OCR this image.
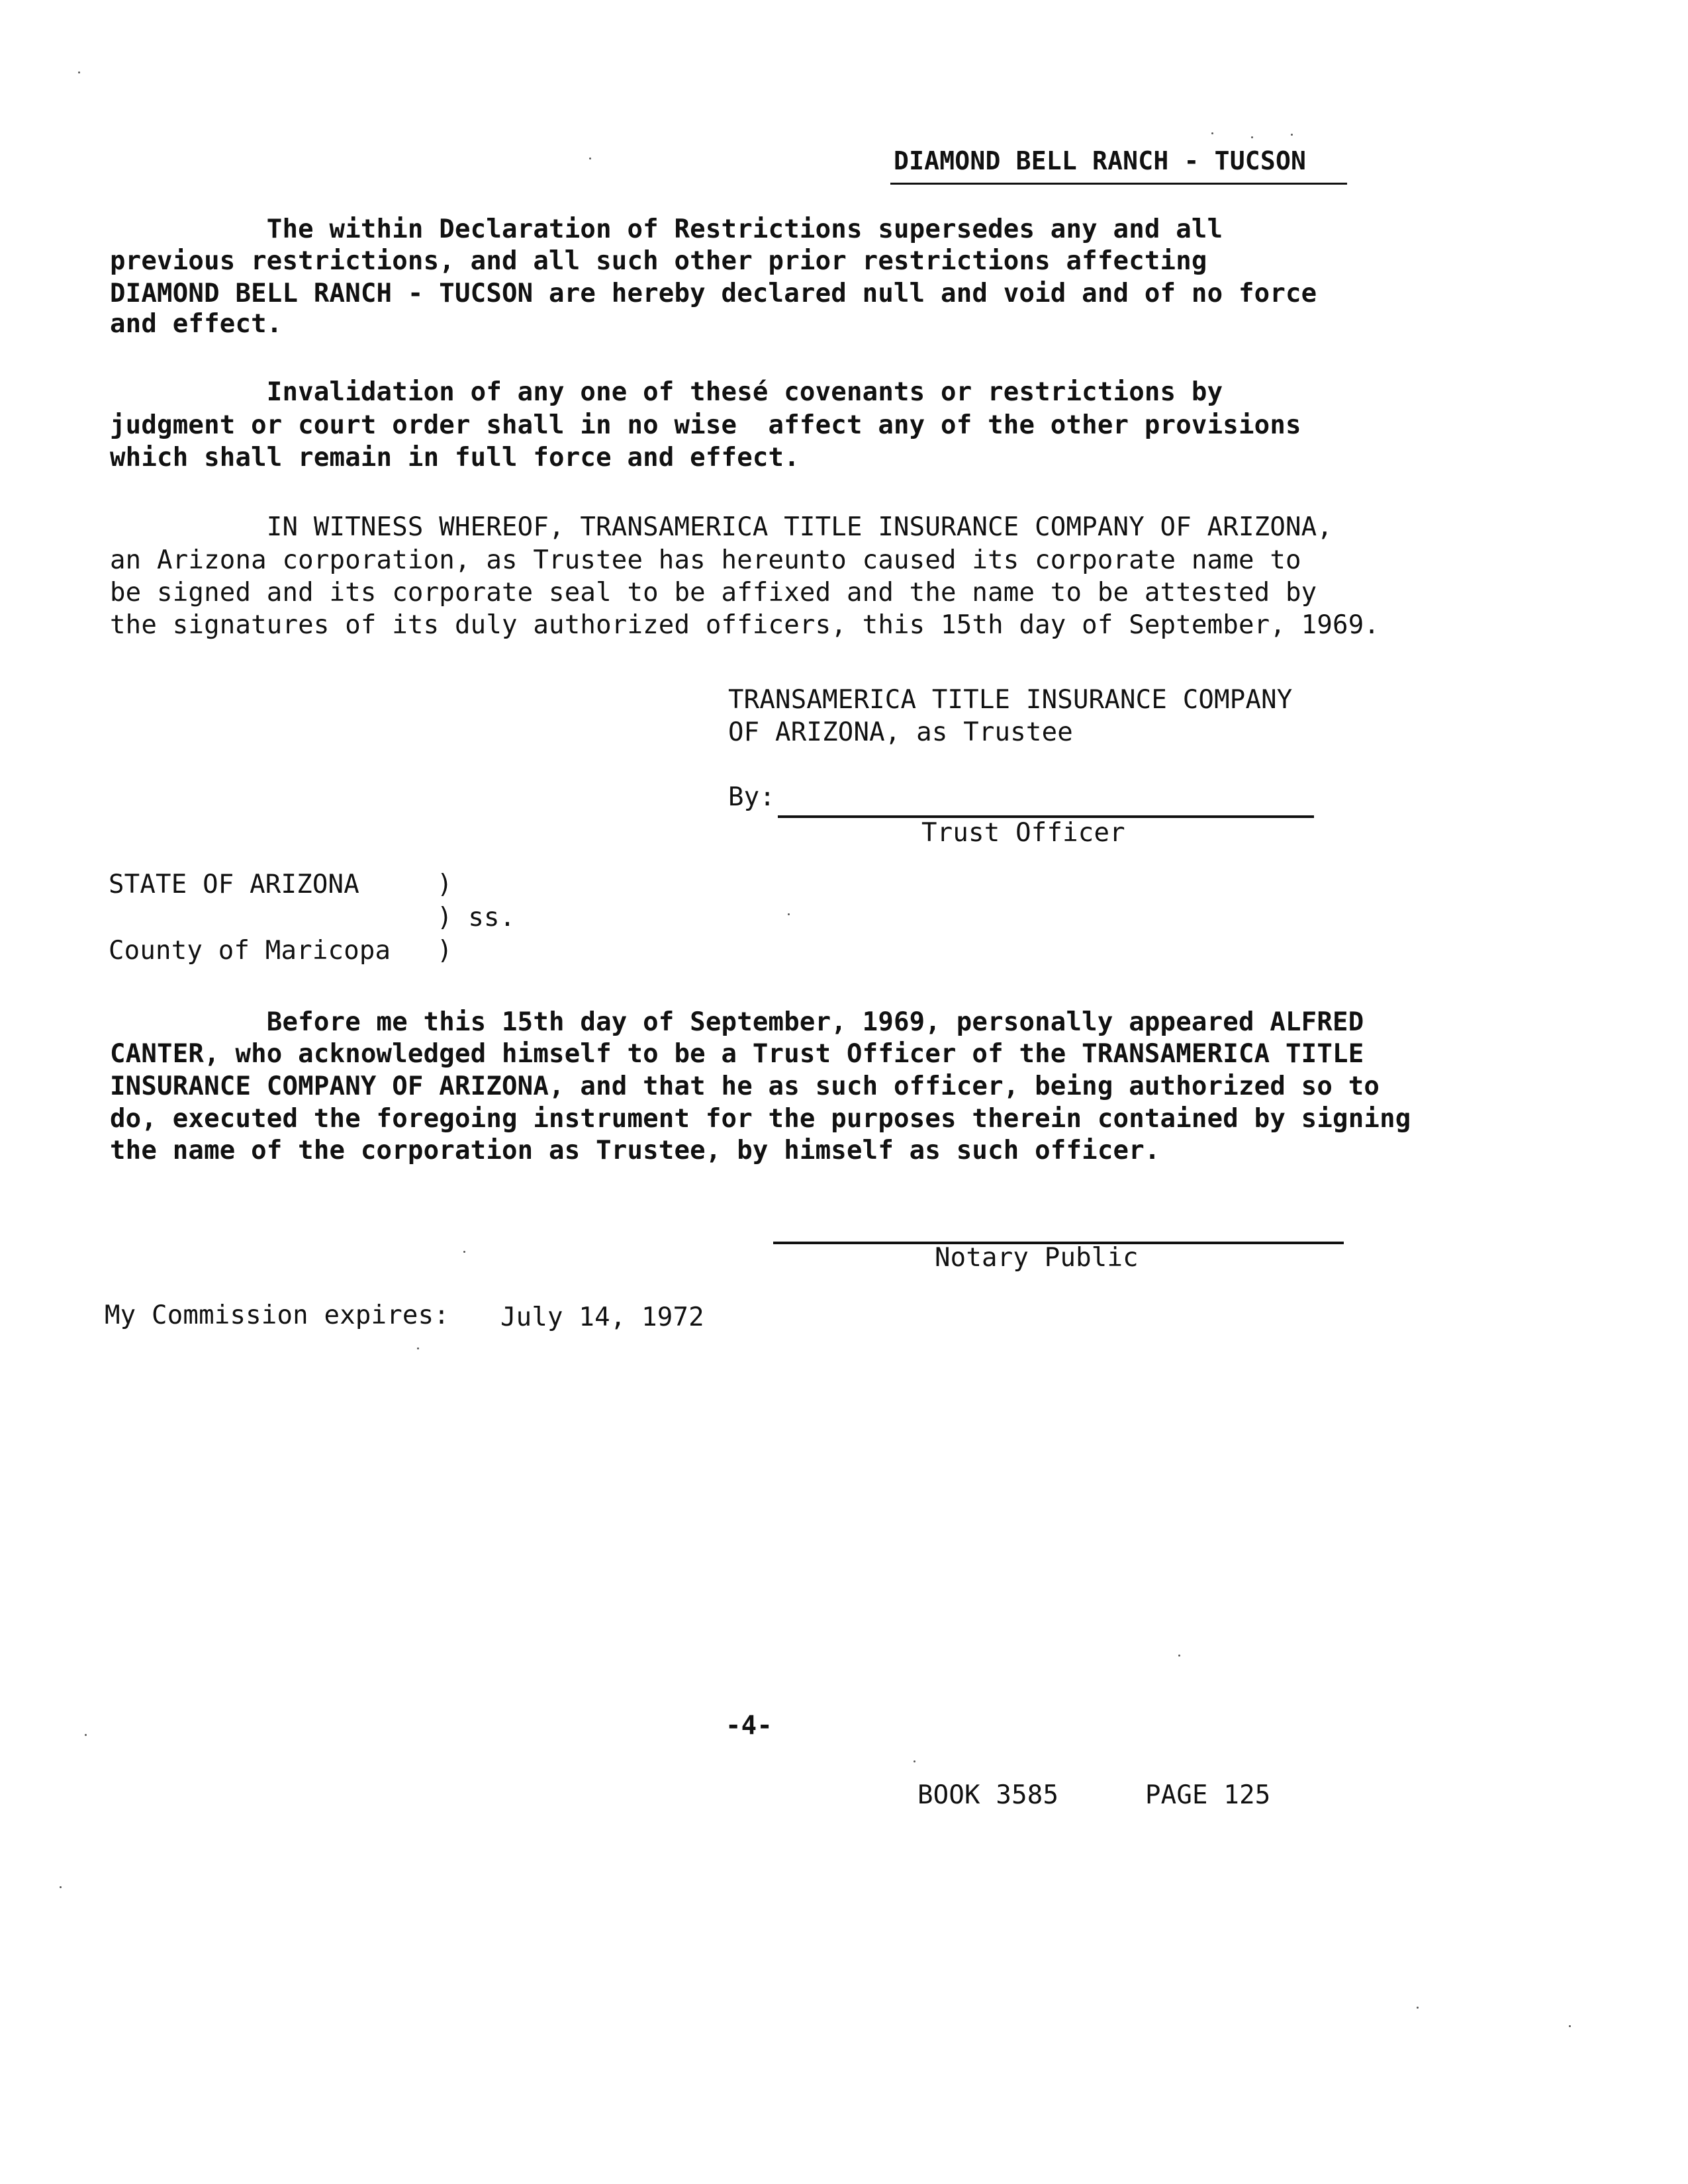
DIAMOND BELL RANCH - TUCSON
The within Declaration of Restrictions supersedes any and all
previous restrictions, and all such other prior restrictions affecting
DIAMOND BELL RANCH - TUCSON are hereby declared null and void and of no force
and effect.
Invalidation of any one of thesé covenants or restrictions by
judgment or court order shall in no wise  affect any of the other provisions
which shall remain in full force and effect.
IN WITNESS WHEREOF, TRANSAMERICA TITLE INSURANCE COMPANY OF ARIZONA,
an Arizona corporation, as Trustee has hereunto caused its corporate name to
be signed and its corporate seal to be affixed and the name to be attested by
the signatures of its duly authorized officers, this 15th day of September, 1969.
TRANSAMERICA TITLE INSURANCE COMPANY
OF ARIZONA, as Trustee
By:
Trust Officer
STATE OF ARIZONA	)
) ss.
County of Maricopa )
Before me this 15th day of September, 1969, personally appeared ALFRED
CANTER, who acknowledged himself to be a Trust Officer of the TRANSAMERICA TITLE
INSURANCE COMPANY OF ARIZONA, and that he as such officer, being authorized so to
do, executed the foregoing instrument for the purposes therein contained by signing
the name of the corporation as Trustee, by himself as such officer.
Notary Public
My Commission expires: July 14, 1972
-4-
BOOK 3585	PAGE 125
